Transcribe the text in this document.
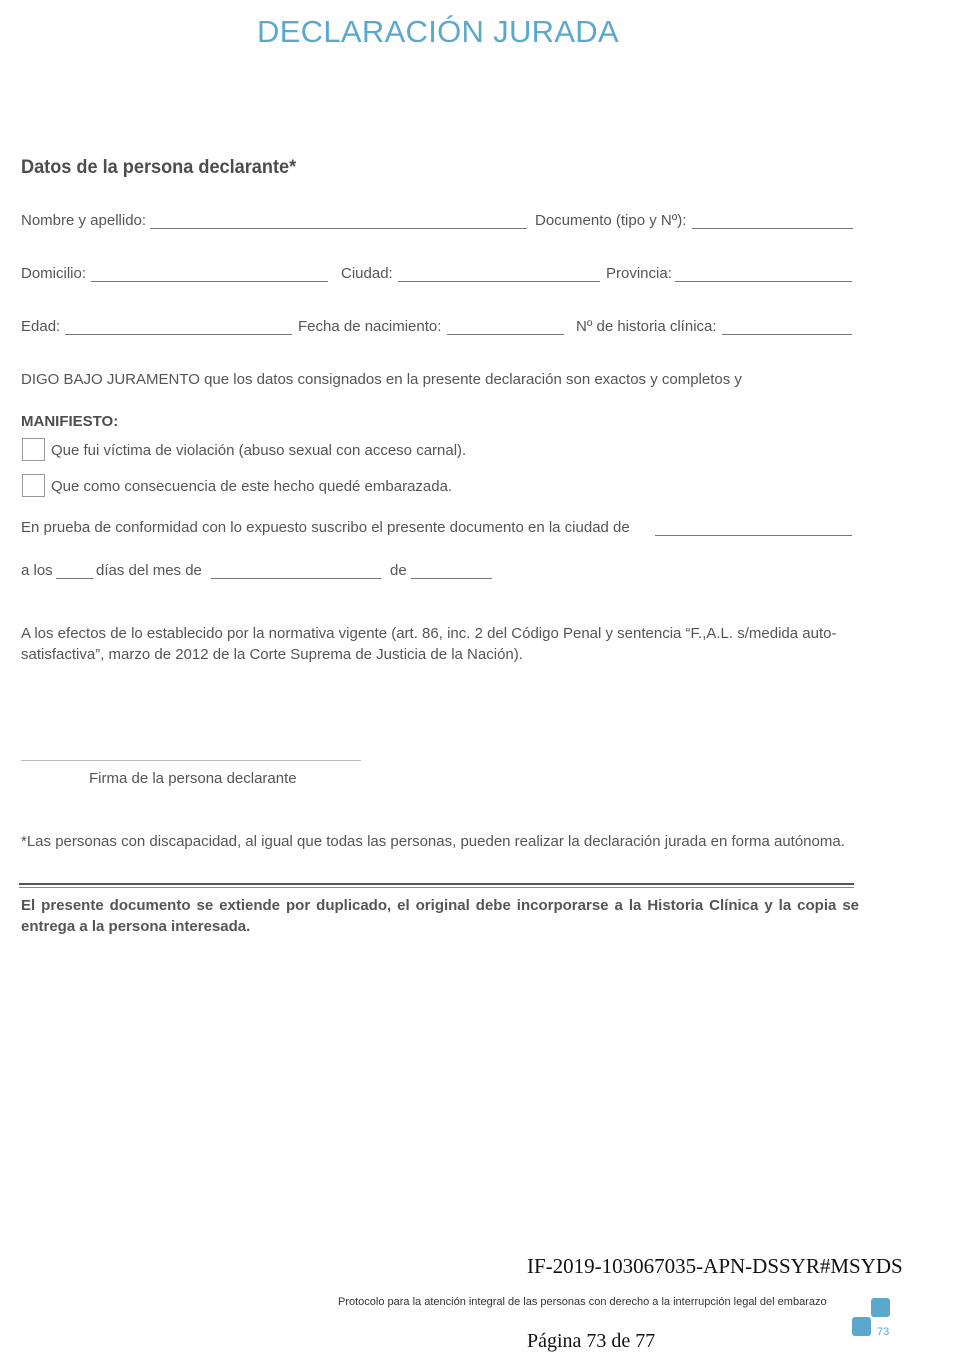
DECLARACIÓN JURADA
Datos de la persona declarante*
Nombre y apellido:	Documento (tipo y Nº):
Domicilio:	Ciudad:	Provincia:
Edad:	Fecha de nacimiento:	Nº de historia clínica:
DIGO BAJO JURAMENTO que los datos consignados en la presente declaración son exactos y completos y
MANIFIESTO:
Que fui víctima de violación (abuso sexual con acceso carnal).
Que como consecuencia de este hecho quedé embarazada.
En prueba de conformidad con lo expuesto suscribo el presente documento en la ciudad de
a los	días del mes de	de
A los efectos de lo establecido por la normativa vigente (art. 86, inc. 2 del Código Penal y sentencia “F.,A.L. s/medida auto-satisfactiva”, marzo de 2012 de la Corte Suprema de Justicia de la Nación).
Firma de la persona declarante
*Las personas con discapacidad, al igual que todas las personas, pueden realizar la declaración jurada en forma autónoma.
El presente documento se extiende por duplicado, el original debe incorporarse a la Historia Clínica y la copia se entrega a la persona interesada.
IF-2019-103067035-APN-DSSYR#MSYDS
Protocolo para la atención integral de las personas con derecho a la interrupción legal del embarazo
73
Página 73 de 77
